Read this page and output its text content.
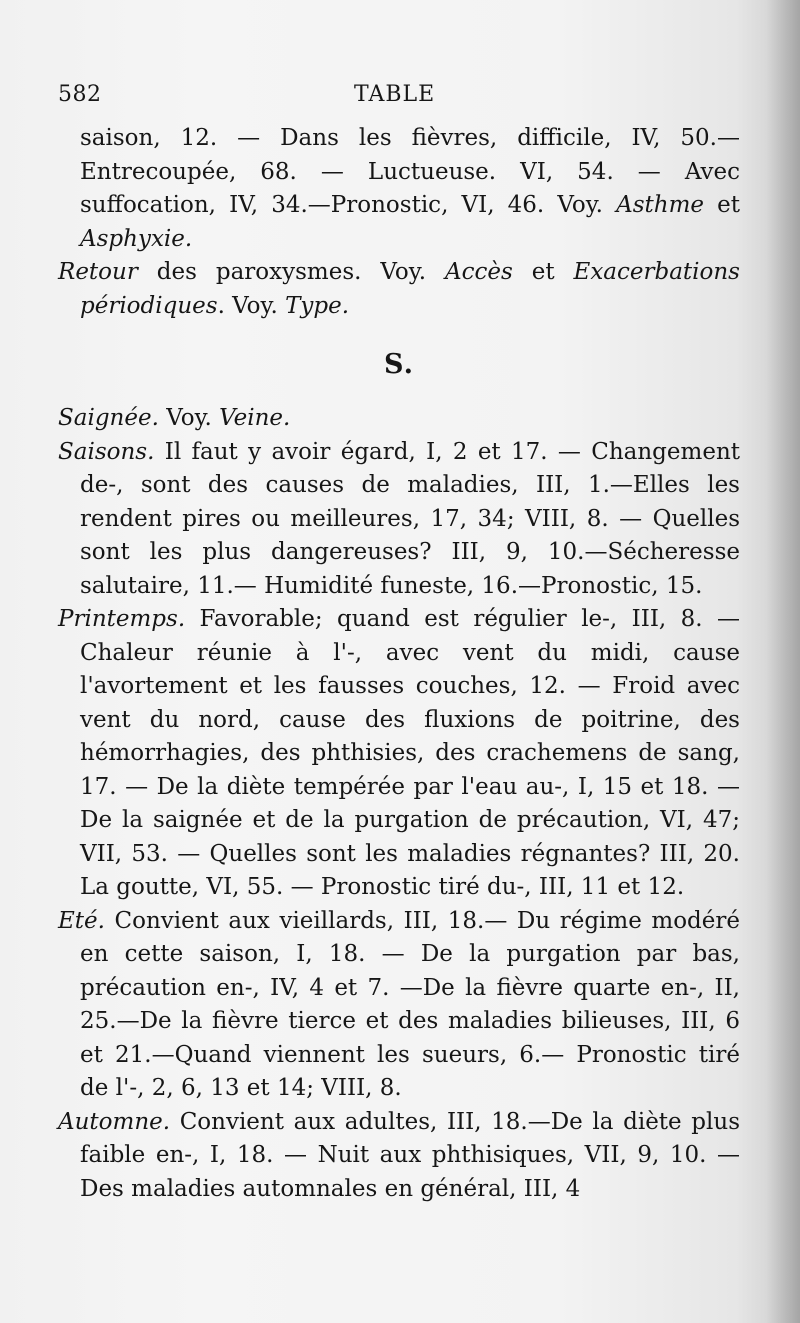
582	TABLE

saison, 12. — Dans les fièvres, difficile, IV, 50.—Entrecoupée, 68. — Luctueuse. VI, 54. — Avec suffocation, IV, 34.—Pronostic, VI, 46. Voy. Asthme et Asphyxie.

Retour des paroxysmes. Voy. Accès et Exacerbations périodiques. Voy. Type.

S.

Saignée. Voy. Veine.

Saisons. Il faut y avoir égard, I, 2 et 17. — Changement de-, sont des causes de maladies, III, 1.—Elles les rendent pires ou meilleures, 17, 34; VIII, 8. — Quelles sont les plus dangereuses? III, 9, 10.—Sécheresse salutaire, 11.— Humidité funeste, 16.—Pronostic, 15.

Printemps. Favorable; quand est régulier le-, III, 8. — Chaleur réunie à l'-, avec vent du midi, cause l'avortement et les fausses couches, 12. — Froid avec vent du nord, cause des fluxions de poitrine, des hémorrhagies, des phthisies, des crachemens de sang, 17. — De la diète tempérée par l'eau au-, I, 15 et 18. — De la saignée et de la purgation de précaution, VI, 47; VII, 53. — Quelles sont les maladies régnantes? III, 20. La goutte, VI, 55. — Pronostic tiré du-, III, 11 et 12.

Eté. Convient aux vieillards, III, 18.— Du régime modéré en cette saison, I, 18. — De la purgation par bas, précaution en-, IV, 4 et 7. —De la fièvre quarte en-, II, 25.—De la fièvre tierce et des maladies bilieuses, III, 6 et 21.—Quand viennent les sueurs, 6.— Pronostic tiré de l'-, 2, 6, 13 et 14; VIII, 8.

Automne. Convient aux adultes, III, 18.—De la diète plus faible en-, I, 18. — Nuit aux phthisiques, VII, 9, 10. — Des maladies automnales en général, III, 4
